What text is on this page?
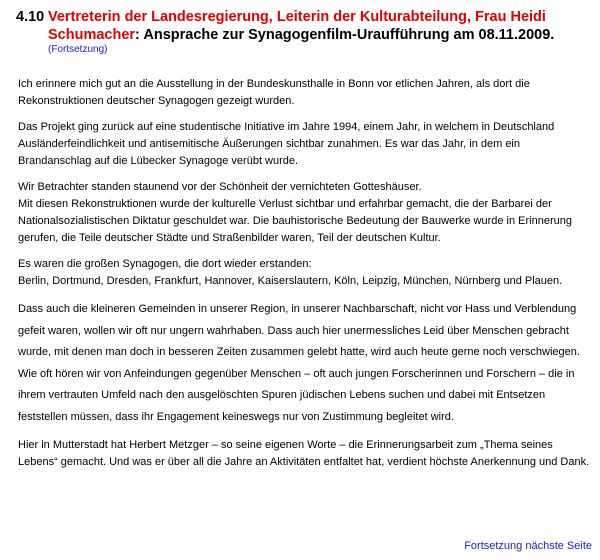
4.10 Vertreterin der Landesregierung, Leiterin der Kulturabteilung, Frau Heidi
Schumacher: Ansprache zur Synagogenfilm-Uraufführung am 08.11.2009.
(Fortsetzung)

Ich erinnere mich gut an die Ausstellung in der Bundeskunsthalle in Bonn vor etlichen Jahren, als dort die Rekonstruktionen deutscher Synagogen gezeigt wurden.

Das Projekt ging zurück auf eine studentische Initiative im Jahre 1994, einem Jahr, in welchem in Deutschland Ausländerfeindlichkeit und antisemitische Äußerungen sichtbar zunahmen. Es war das Jahr, in dem ein Brandanschlag auf die Lübecker Synagoge verübt wurde.

Wir Betrachter standen staunend vor der Schönheit der vernichteten Gotteshäuser.
Mit diesen Rekonstruktionen wurde der kulturelle Verlust sichtbar und erfahrbar gemacht, die der Barbarei der Nationalsozialistischen Diktatur geschuldet war. Die bauhistorische Bedeutung der Bauwerke wurde in Erinnerung gerufen, die Teile deutscher Städte und Straßenbilder waren, Teil der deutschen Kultur.

Es waren die großen Synagogen, die dort wieder erstanden:
Berlin, Dortmund, Dresden, Frankfurt, Hannover, Kaiserslautern, Köln, Leipzig, München, Nürnberg und Plauen.

Dass auch die kleineren Gemeinden in unserer Region, in unserer Nachbarschaft, nicht vor Hass und Verblendung gefeit waren, wollen wir oft nur ungern wahrhaben. Dass auch hier unermessliches Leid über Menschen gebracht wurde, mit denen man doch in besseren Zeiten zusammen gelebt hatte, wird auch heute gerne noch verschwiegen. Wie oft hören wir von Anfeindungen gegenüber Menschen – oft auch jungen Forscherinnen und Forschern – die in ihrem vertrauten Umfeld nach den ausgelöschten Spuren jüdischen Lebens suchen und dabei mit Entsetzen feststellen müssen, dass ihr Engagement keineswegs nur von Zustimmung begleitet wird.

Hier in Mutterstadt hat Herbert Metzger – so seine eigenen Worte – die Erinnerungsarbeit zum „Thema seines Lebens“ gemacht. Und was er über all die Jahre an Aktivitäten entfaltet hat, verdient höchste Anerkennung und Dank.

Fortsetzung nächste Seite
